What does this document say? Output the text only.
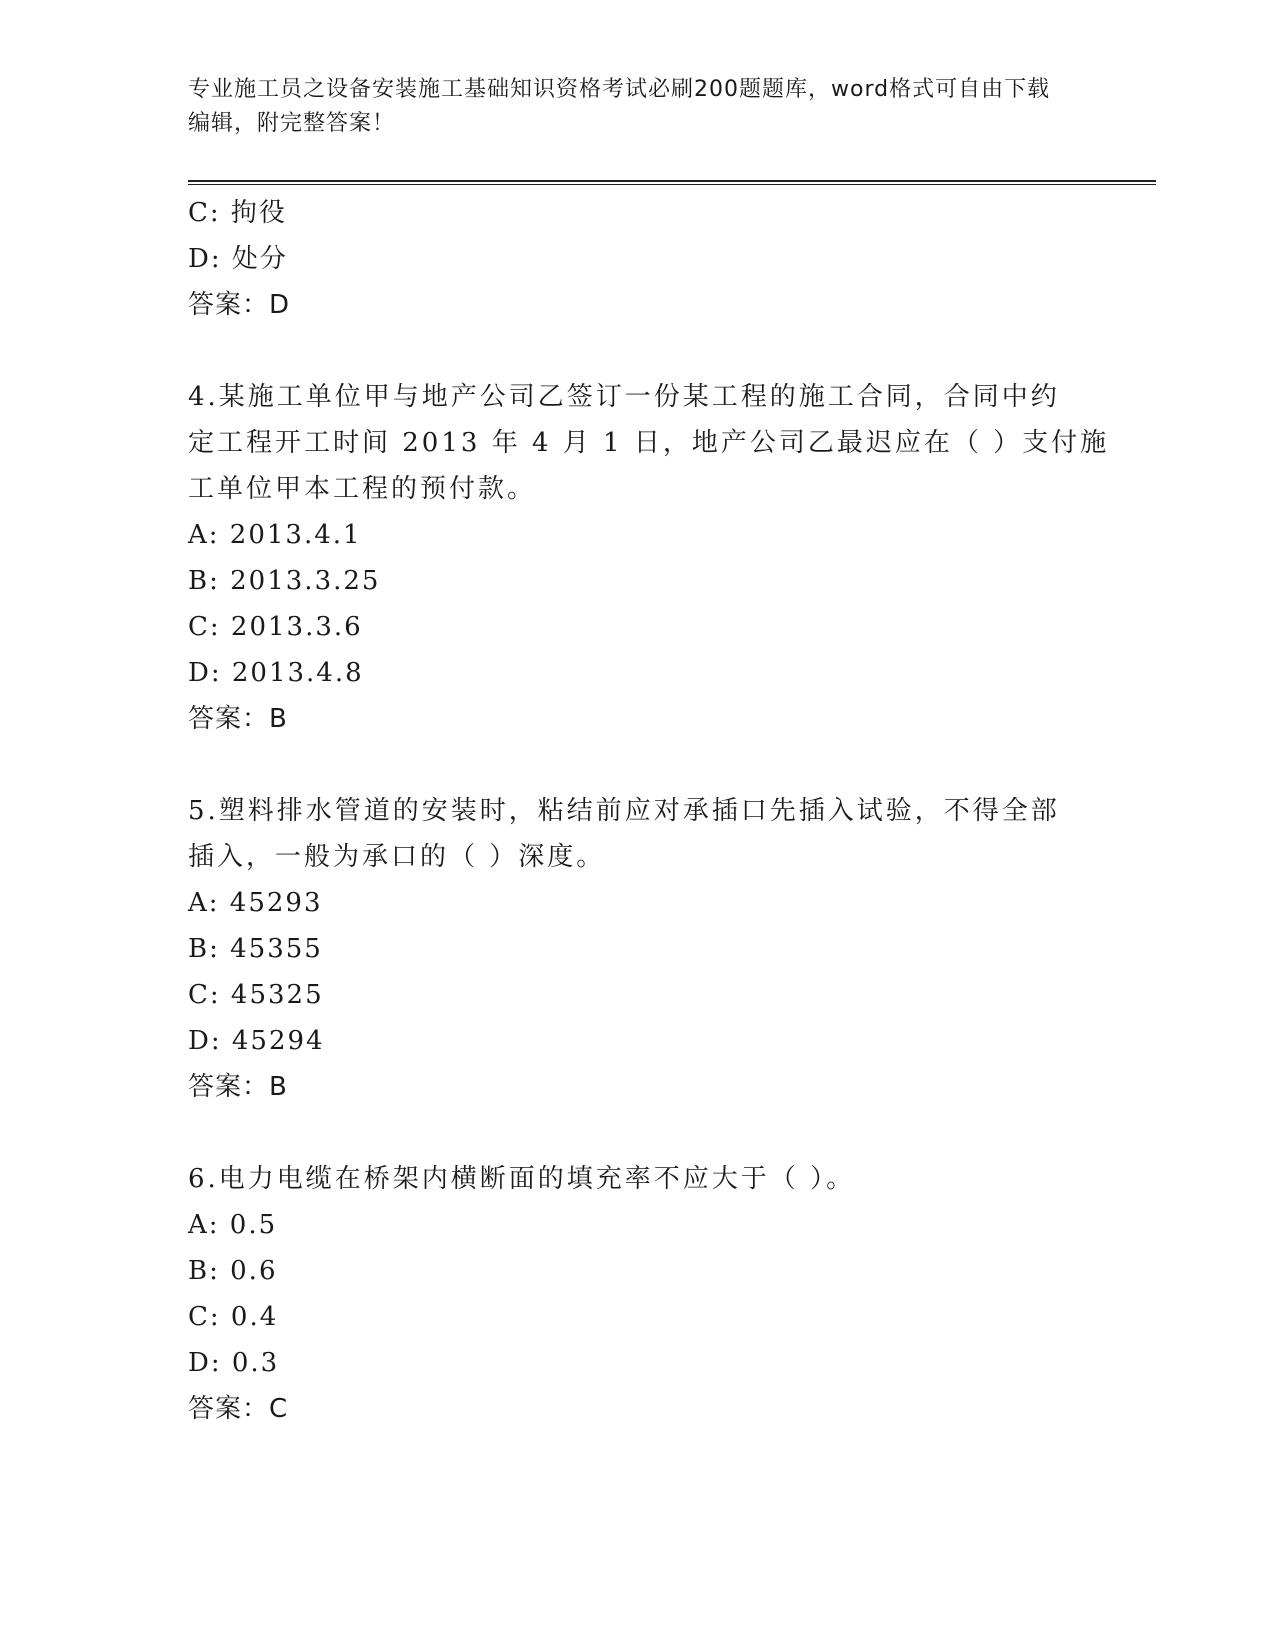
专业施工员之设备安装施工基础知识资格考试必刷200题题库，word格式可自由下载编辑，附完整答案！
C: 拘役
D: 处分
答案：D
4.某施工单位甲与地产公司乙签订一份某工程的施工合同，合同中约
定工程开工时间 2013 年 4 月 1 日，地产公司乙最迟应在（ ）支付施
工单位甲本工程的预付款。
A: 2013.4.1
B: 2013.3.25
C: 2013.3.6
D: 2013.4.8
答案：B
5.塑料排水管道的安装时，粘结前应对承插口先插入试验，不得全部
插入，一般为承口的（ ）深度。
A: 45293
B: 45355
C: 45325
D: 45294
答案：B
6.电力电缆在桥架内横断面的填充率不应大于（ ）。
A: 0.5
B: 0.6
C: 0.4
D: 0.3
答案：C
